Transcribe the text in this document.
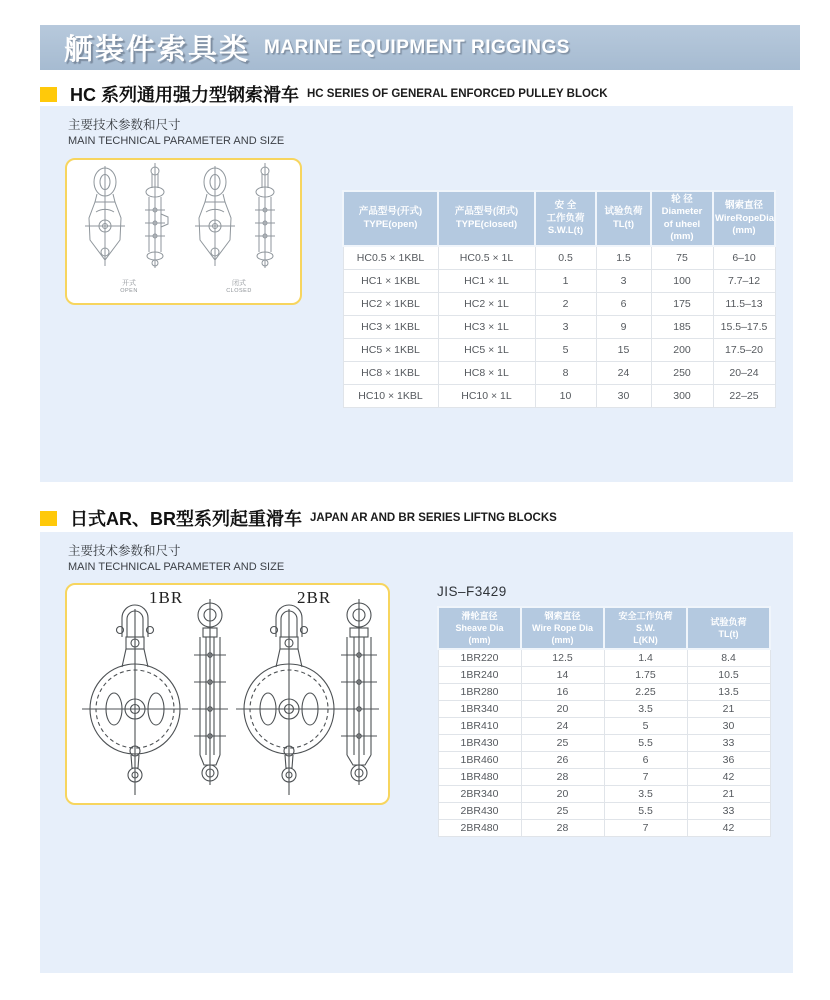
舾装件索具类 MARINE EQUIPMENT RIGGINGS
HC 系列通用强力型钢索滑车 HC SERIES OF GENERAL ENFORCED PULLEY BLOCK
主要技术参数和尺寸
MAIN TECHNICAL PARAMETER AND SIZE
开式
OPEN
闭式
CLOSED
产品型号(开式)
TYPE(open)	产品型号(闭式)
TYPE(closed)	安 全
工作负荷
S.W.L(t)	试验负荷
TL(t)	轮 径
Diameter
of uheel
(mm)	钢索直径
WireRopeDia
(mm)
HC0.5 × 1KBL	HC0.5 × 1L	0.5	1.5	75	6–10
HC1 × 1KBL	HC1 × 1L	1	3	100	7.7–12
HC2 × 1KBL	HC2 × 1L	2	6	175	11.5–13
HC3 × 1KBL	HC3 × 1L	3	9	185	15.5–17.5
HC5 × 1KBL	HC5 × 1L	5	15	200	17.5–20
HC8 × 1KBL	HC8 × 1L	8	24	250	20–24
HC10 × 1KBL	HC10 × 1L	10	30	300	22–25
日式AR、BR型系列起重滑车 JAPAN AR AND BR SERIES LIFTNG BLOCKS
主要技术参数和尺寸
MAIN TECHNICAL PARAMETER AND SIZE
1BR	2BR	JIS–F3429
滑轮直径
Sheave Dia
(mm)	钢索直径
Wire Rope Dia
(mm)	安全工作负荷
S.W.
L(KN)	试验负荷
TL(t)
1BR220	12.5	1.4	8.4
1BR240	14	1.75	10.5
1BR280	16	2.25	13.5
1BR340	20	3.5	21
1BR410	24	5	30
1BR430	25	5.5	33
1BR460	26	6	36
1BR480	28	7	42
2BR340	20	3.5	21
2BR430	25	5.5	33
2BR480	28	7	42
